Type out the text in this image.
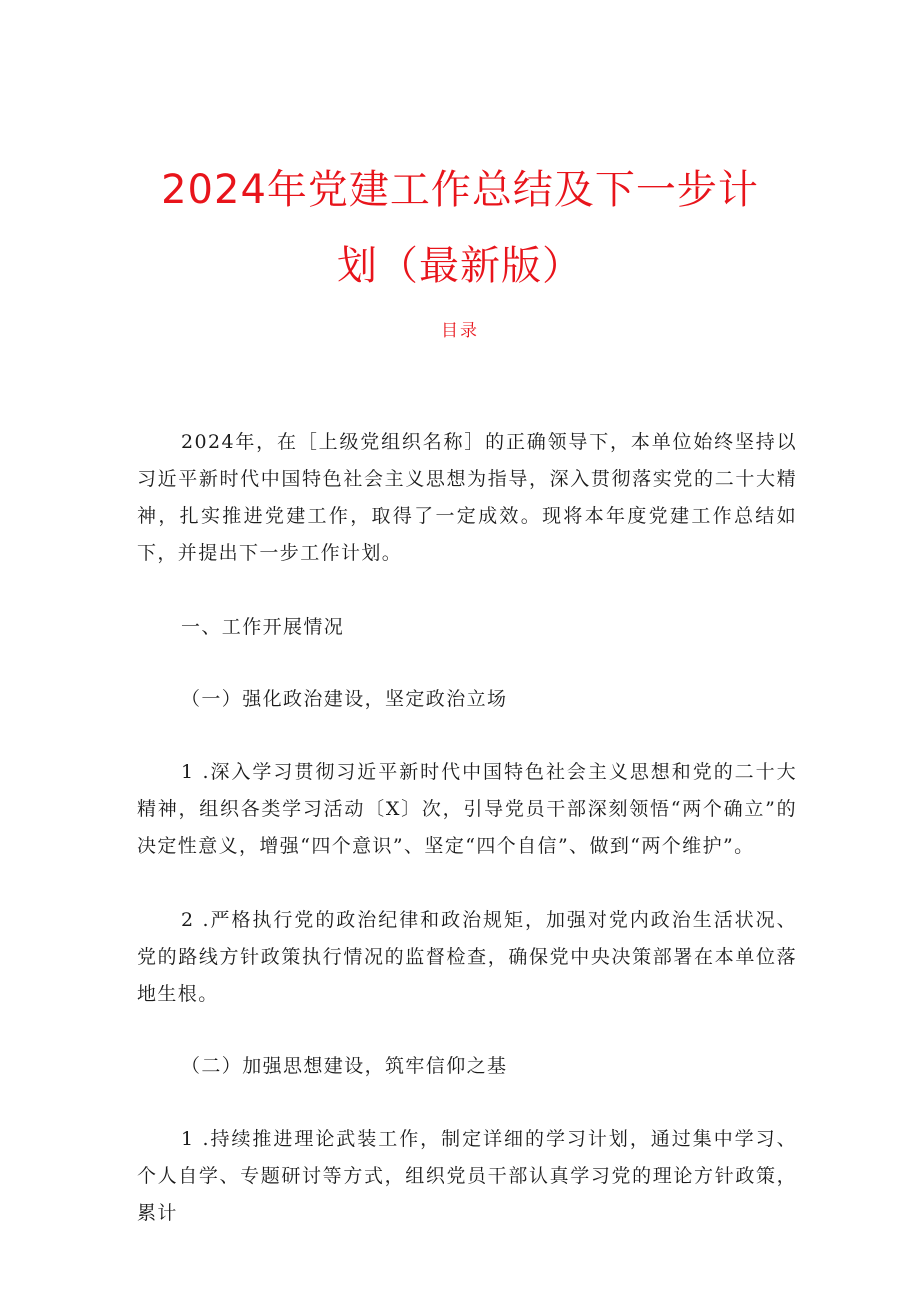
2024年党建工作总结及下一步计划（最新版）
目录

2024年，在［上级党组织名称］的正确领导下，本单位始终坚持以习近平新时代中国特色社会主义思想为指导，深入贯彻落实党的二十大精神，扎实推进党建工作，取得了一定成效。现将本年度党建工作总结如下，并提出下一步工作计划。

一、工作开展情况

（一）强化政治建设，坚定政治立场

1 .深入学习贯彻习近平新时代中国特色社会主义思想和党的二十大精神，组织各类学习活动〔X〕次，引导党员干部深刻领悟“两个确立”的决定性意义，增强“四个意识”、坚定“四个自信”、做到“两个维护”。

2 .严格执行党的政治纪律和政治规矩，加强对党内政治生活状况、党的路线方针政策执行情况的监督检查，确保党中央决策部署在本单位落地生根。

（二）加强思想建设，筑牢信仰之基

1 .持续推进理论武装工作，制定详细的学习计划，通过集中学习、个人自学、专题研讨等方式，组织党员干部认真学习党的理论方针政策，累计
